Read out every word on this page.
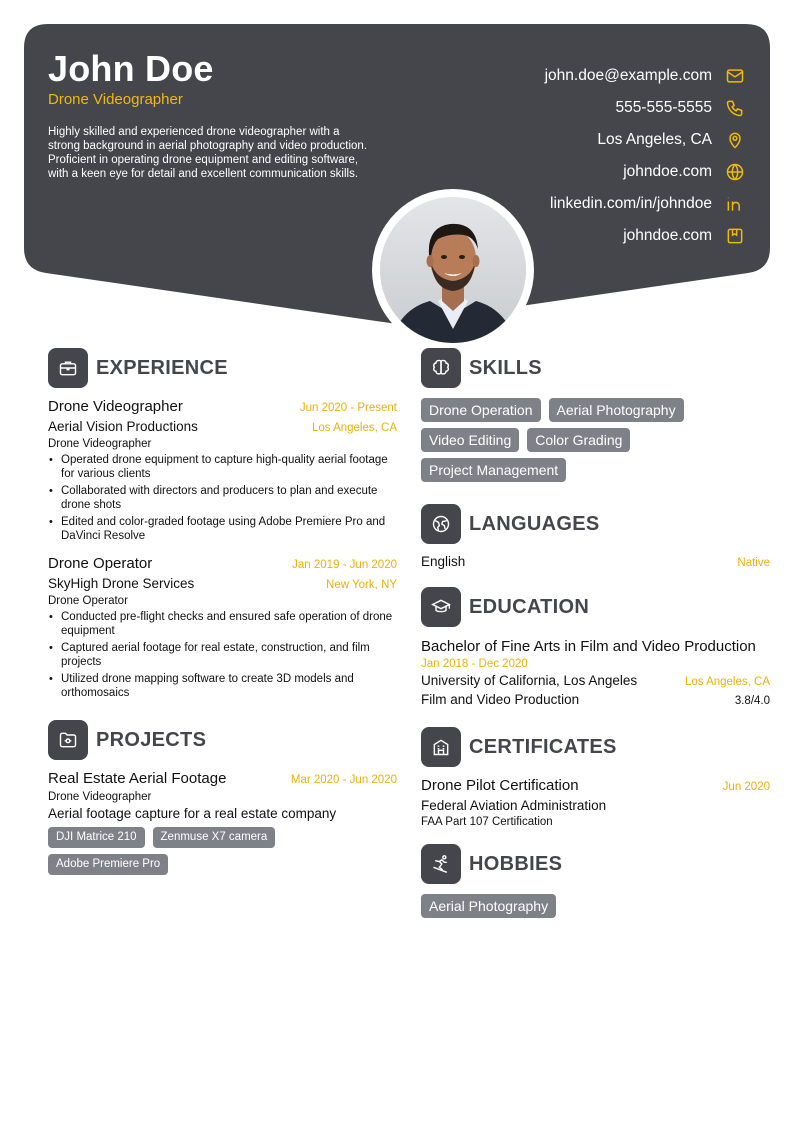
John Doe
Drone Videographer
Highly skilled and experienced drone videographer with a strong background in aerial photography and video production. Proficient in operating drone equipment and editing software, with a keen eye for detail and excellent communication skills.
john.doe@example.com
555-555-5555
Los Angeles, CA
johndoe.com
linkedin.com/in/johndoe
johndoe.com
EXPERIENCE
Drone Videographer	Jun 2020 - Present
Aerial Vision Productions	Los Angeles, CA
Drone Videographer
• Operated drone equipment to capture high-quality aerial footage for various clients
• Collaborated with directors and producers to plan and execute drone shots
• Edited and color-graded footage using Adobe Premiere Pro and DaVinci Resolve
Drone Operator	Jan 2019 - Jun 2020
SkyHigh Drone Services	New York, NY
Drone Operator
• Conducted pre-flight checks and ensured safe operation of drone equipment
• Captured aerial footage for real estate, construction, and film projects
• Utilized drone mapping software to create 3D models and orthomosaics
PROJECTS
Real Estate Aerial Footage	Mar 2020 - Jun 2020
Drone Videographer
Aerial footage capture for a real estate company
DJI Matrice 210	Zenmuse X7 camera
Adobe Premiere Pro
SKILLS
Drone Operation	Aerial Photography
Video Editing	Color Grading
Project Management
LANGUAGES
English	Native
EDUCATION
Bachelor of Fine Arts in Film and Video Production
Jan 2018 - Dec 2020
University of California, Los Angeles	Los Angeles, CA
Film and Video Production	3.8/4.0
CERTIFICATES
Drone Pilot Certification	Jun 2020
Federal Aviation Administration
FAA Part 107 Certification
HOBBIES
Aerial Photography
